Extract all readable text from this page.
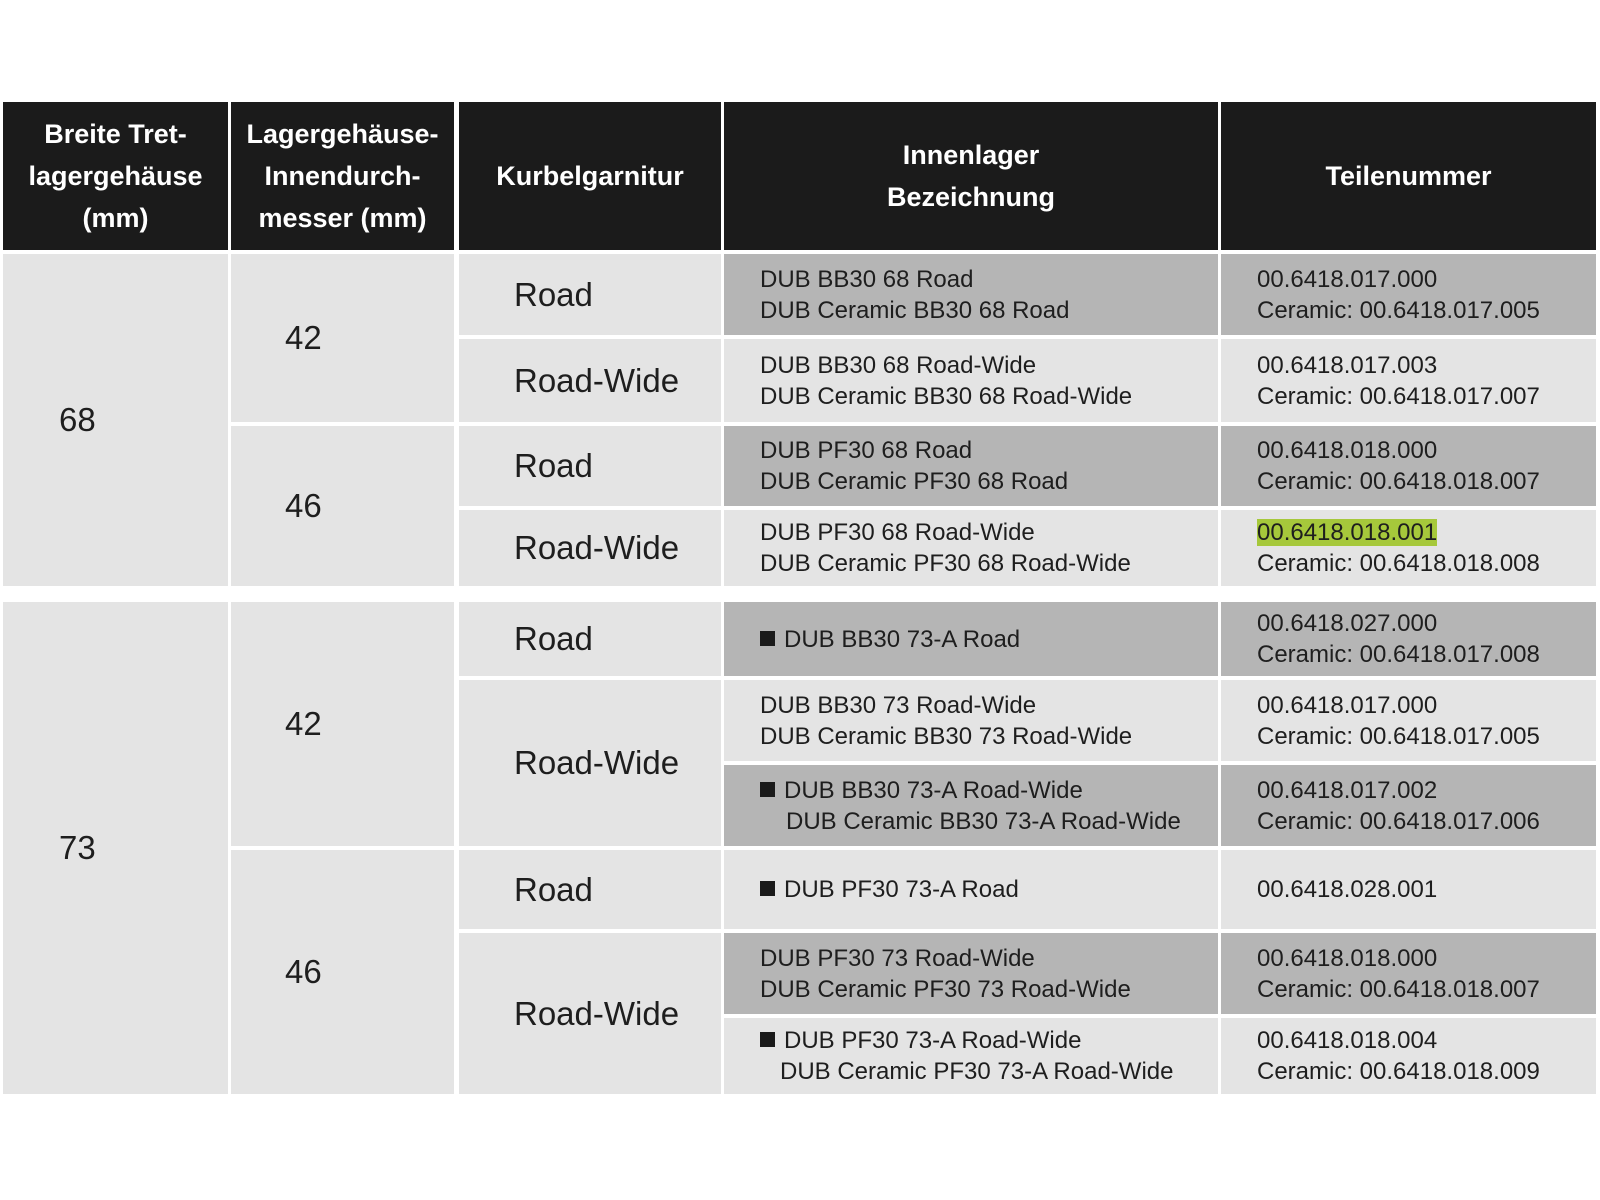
Breite Tret-
lagergehäuse
(mm)
Lagergehäuse-
Innendurch-
messer (mm)
Kurbelgarnitur
Innenlager
Bezeichnung
Teilenummer
68
73
42
46
42
46
Road
Road-Wide
Road
Road-Wide
Road
Road-Wide
Road
Road-Wide
DUB BB30 68 Road
DUB Ceramic BB30 68 Road
DUB BB30 68 Road-Wide
DUB Ceramic BB30 68 Road-Wide
DUB PF30 68 Road
DUB Ceramic PF30 68 Road
DUB PF30 68 Road-Wide
DUB Ceramic PF30 68 Road-Wide
DUB BB30 73-A Road
DUB BB30 73 Road-Wide
DUB Ceramic BB30 73 Road-Wide
DUB BB30 73-A Road-Wide
DUB Ceramic BB30 73-A Road-Wide
DUB PF30 73-A Road
DUB PF30 73 Road-Wide
DUB Ceramic PF30 73 Road-Wide
DUB PF30 73-A Road-Wide
DUB Ceramic PF30 73-A Road-Wide
00.6418.017.000
Ceramic: 00.6418.017.005
00.6418.017.003
Ceramic: 00.6418.017.007
00.6418.018.000
Ceramic: 00.6418.018.007
00.6418.018.001
Ceramic: 00.6418.018.008
00.6418.027.000
Ceramic: 00.6418.017.008
00.6418.017.000
Ceramic: 00.6418.017.005
00.6418.017.002
Ceramic: 00.6418.017.006
00.6418.028.001
00.6418.018.000
Ceramic: 00.6418.018.007
00.6418.018.004
Ceramic: 00.6418.018.009
